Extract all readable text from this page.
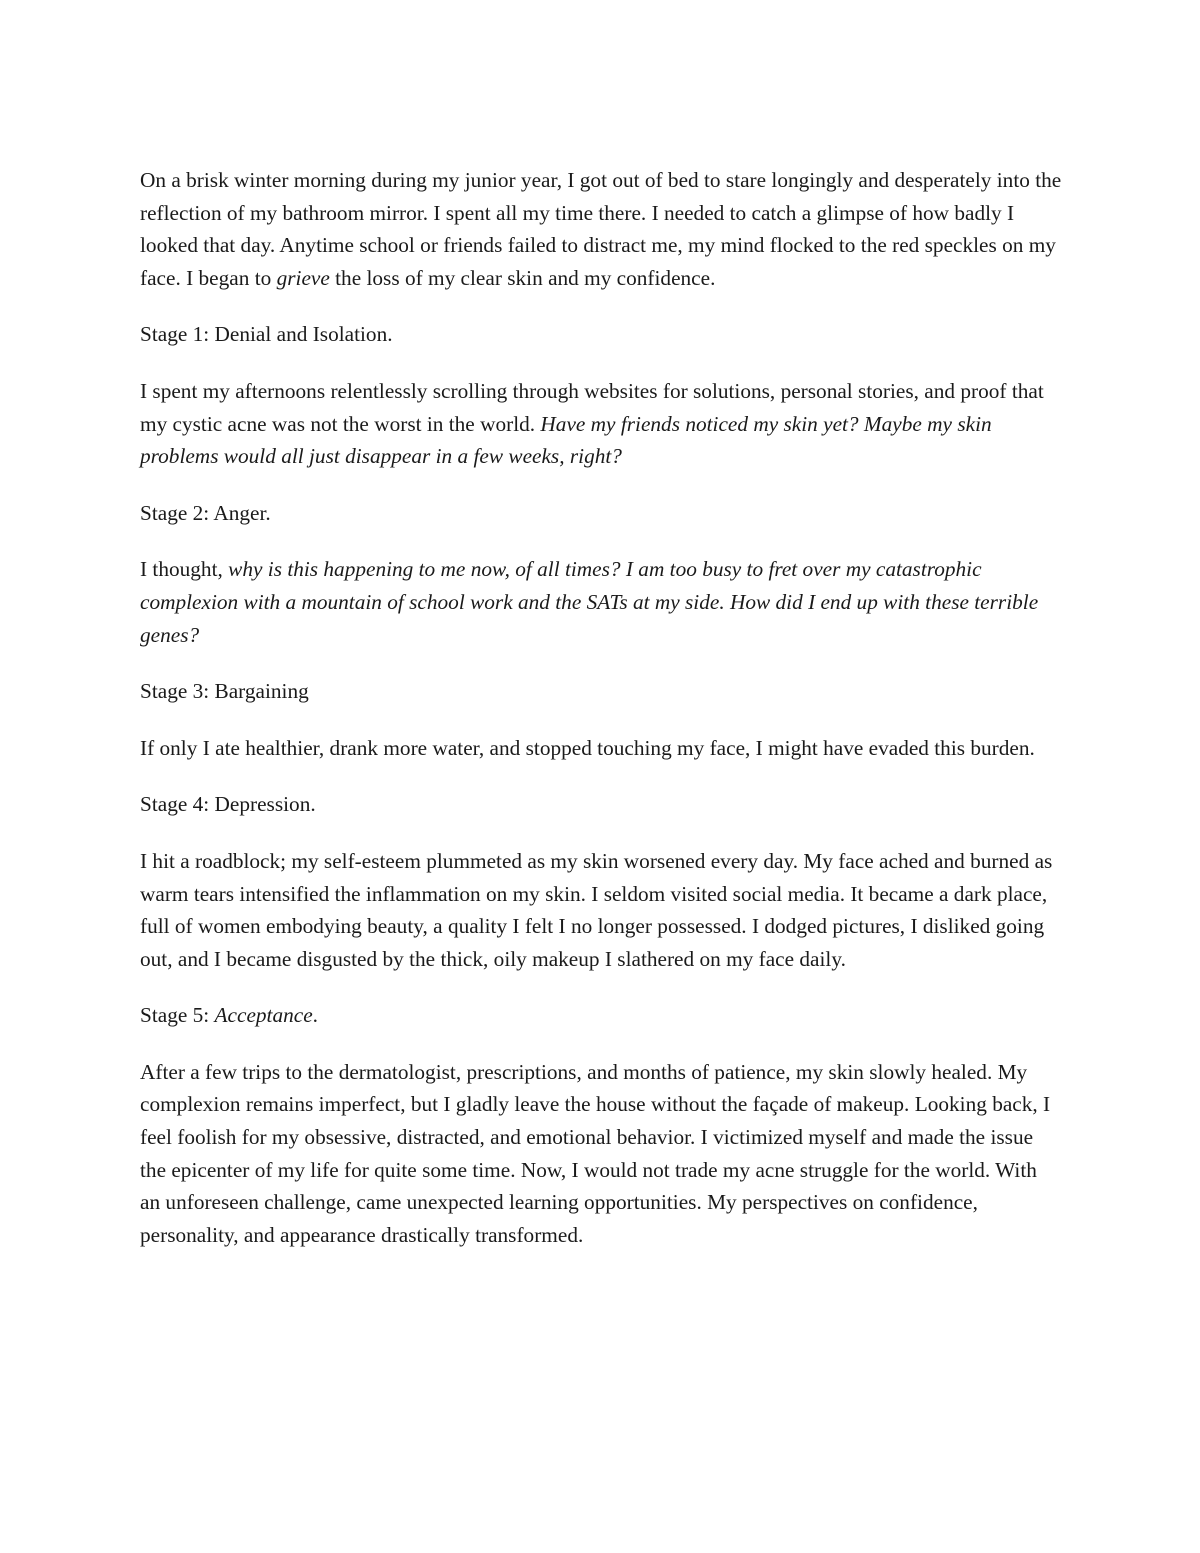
On a brisk winter morning during my junior year, I got out of bed to stare longingly and desperately into the reflection of my bathroom mirror. I spent all my time there. I needed to catch a glimpse of how badly I looked that day. Anytime school or friends failed to distract me, my mind flocked to the red speckles on my face. I began to grieve the loss of my clear skin and my confidence.

Stage 1: Denial and Isolation.

I spent my afternoons relentlessly scrolling through websites for solutions, personal stories, and proof that my cystic acne was not the worst in the world. Have my friends noticed my skin yet? Maybe my skin problems would all just disappear in a few weeks, right?

Stage 2: Anger.

I thought, why is this happening to me now, of all times? I am too busy to fret over my catastrophic complexion with a mountain of school work and the SATs at my side. How did I end up with these terrible genes?

Stage 3: Bargaining

If only I ate healthier, drank more water, and stopped touching my face, I might have evaded this burden.

Stage 4: Depression.

I hit a roadblock; my self-esteem plummeted as my skin worsened every day. My face ached and burned as warm tears intensified the inflammation on my skin. I seldom visited social media. It became a dark place, full of women embodying beauty, a quality I felt I no longer possessed. I dodged pictures, I disliked going out, and I became disgusted by the thick, oily makeup I slathered on my face daily.

Stage 5: Acceptance.

After a few trips to the dermatologist, prescriptions, and months of patience, my skin slowly healed. My complexion remains imperfect, but I gladly leave the house without the façade of makeup. Looking back, I feel foolish for my obsessive, distracted, and emotional behavior. I victimized myself and made the issue the epicenter of my life for quite some time. Now, I would not trade my acne struggle for the world. With an unforeseen challenge, came unexpected learning opportunities. My perspectives on confidence, personality, and appearance drastically transformed.
